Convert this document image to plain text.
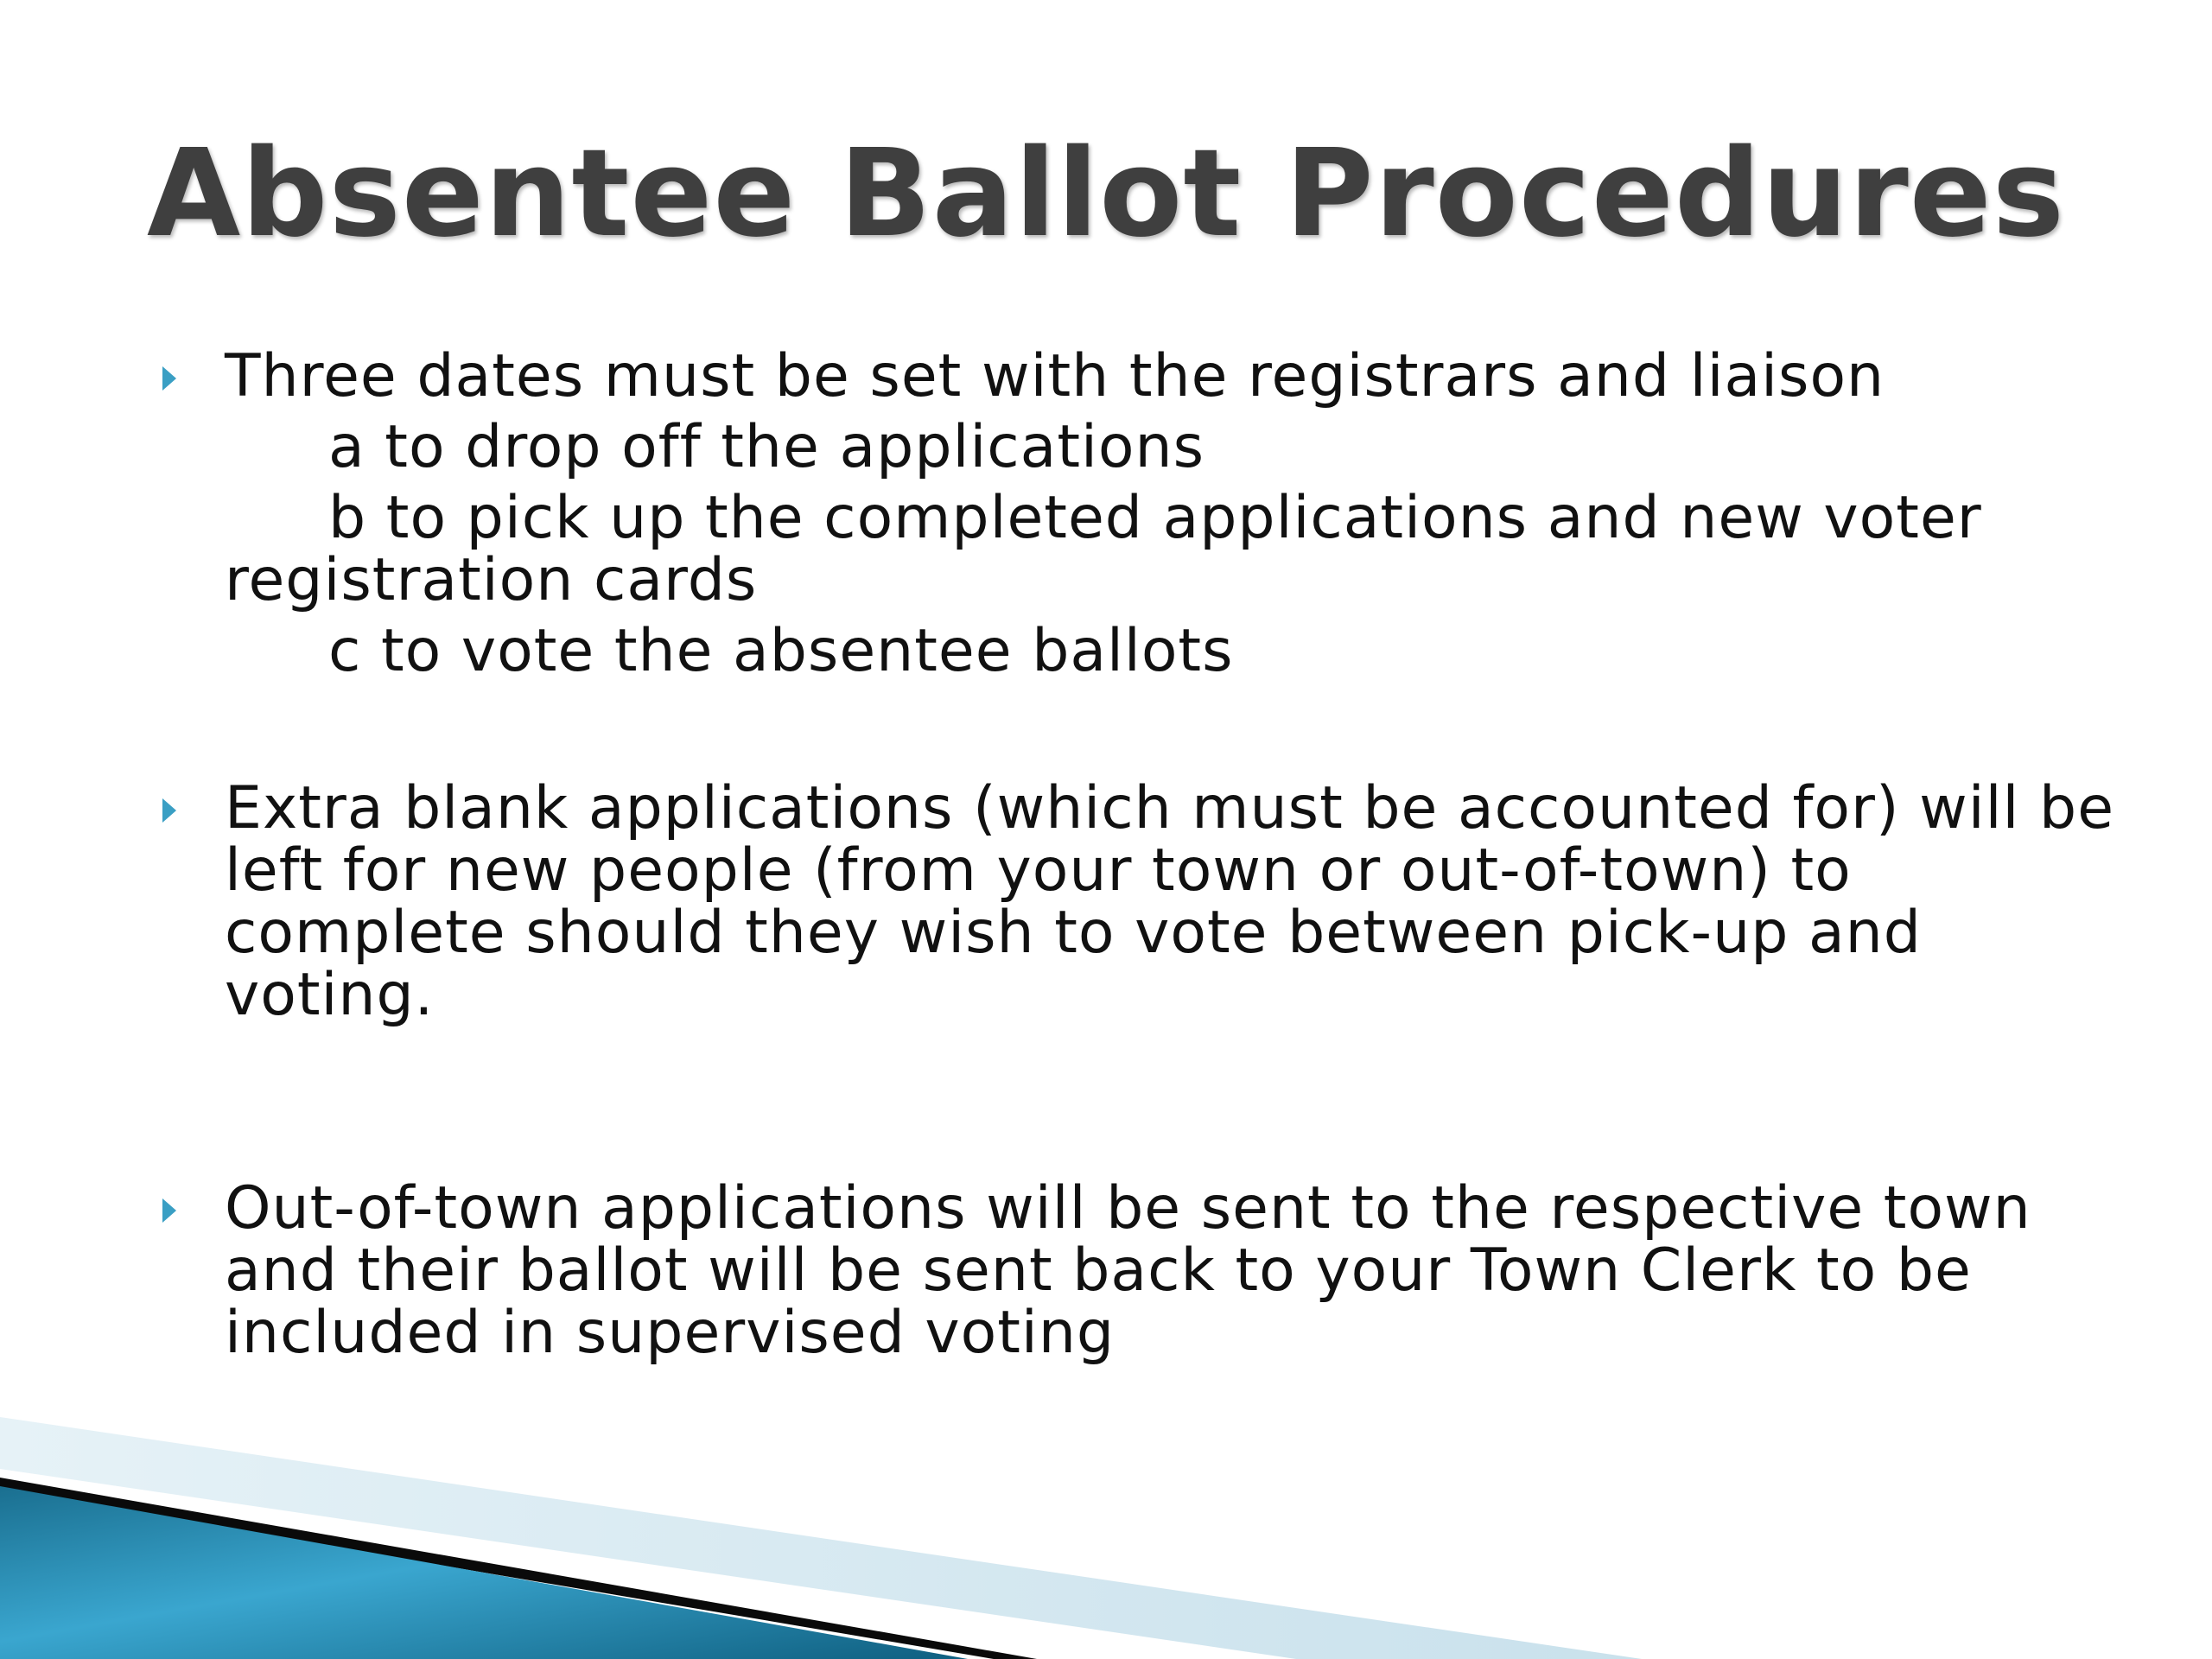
Absentee Ballot Procedures
Three dates must be set with the registrars and liaison
a to drop off the applications
b to pick up the completed applications and new voter
registration cards
c to vote the absentee ballots
Extra blank applications (which must be accounted for) will be left for new people (from your town or out-of-town) to complete should they wish to vote between pick-up and voting.
Out-of-town applications will be sent to the respective town and their ballot will be sent back to your Town Clerk to be included in supervised voting
